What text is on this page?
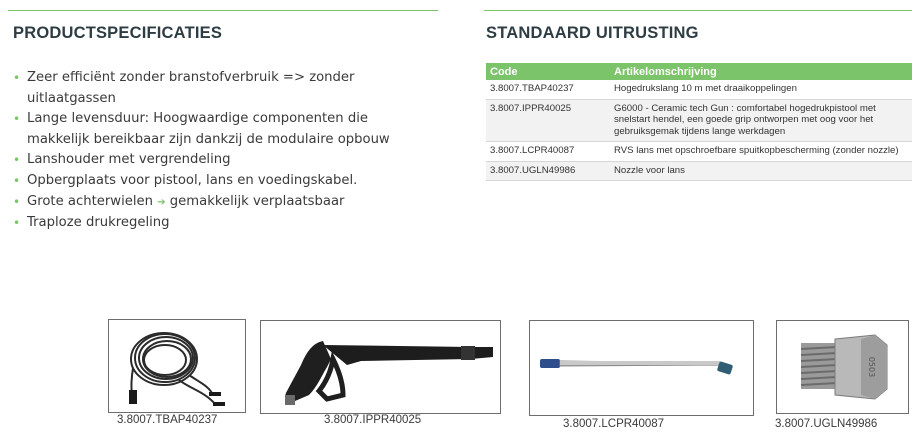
PRODUCTSPECIFICATIES	STANDAARD UITRUSTING
• Zeer efficiënt zonder branstofverbruik => zonder uitlaatgassen
• Lange levensduur: Hoogwaardige componenten die makkelijk bereikbaar zijn dankzij de modulaire opbouw
• Lanshouder met vergrendeling
• Opbergplaats voor pistool, lans en voedingskabel.
• Grote achterwielen ➔ gemakkelijk verplaatsbaar
• Traploze drukregeling
Code	Artikelomschrijving
3.8007.TBAP40237	Hogedrukslang 10 m met draaikoppelingen
3.8007.IPPR40025	G6000 - Ceramic tech Gun : comfortabel hogedrukpistool met snelstart hendel, een goede grip ontworpen met oog voor het gebruiksgemak tijdens lange werkdagen
3.8007.LCPR40087	RVS lans met opschroefbare spuitkopbescherming (zonder nozzle)
3.8007.UGLN49986	Nozzle voor lans
3.8007.TBAP40237	3.8007.IPPR40025	3.8007.LCPR40087
0503
3.8007.UGLN49986
